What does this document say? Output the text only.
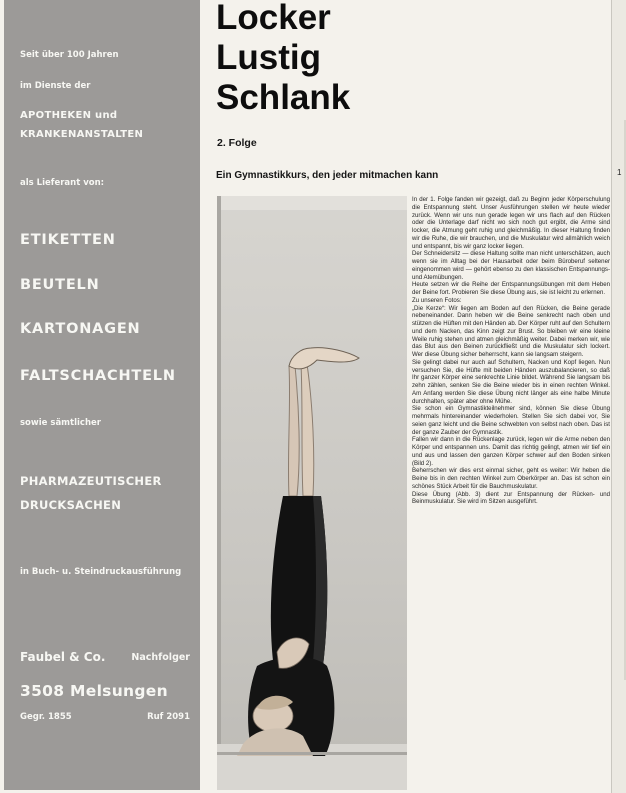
Seit über 100 Jahren
im Dienste der
APOTHEKEN und
KRANKENANSTALTEN
als Lieferant von:
ETIKETTEN
BEUTELN
KARTONAGEN
FALTSCHACHTELN
sowie sämtlicher
PHARMAZEUTISCHER
DRUCKSACHEN
in Buch- u. Steindruckausführung
Faubel & Co.	Nachfolger
3508 Melsungen
Gegr. 1855	Ruf 2091
Locker
Lustig
Schlank
2. Folge
Ein Gymnastikkurs, den jeder mitmachen kann

In der 1. Folge fanden wir gezeigt, daß zu Beginn jeder Körperschulung die Entspannung steht. Unser Ausführungen stellen wir heute wieder zurück. Wenn wir uns nun gerade legen wir uns flach auf den Rücken oder die Unterlage darf nicht wo sich noch gut ergibt, die Arme sind locker, die Atmung geht ruhig und gleichmäßig. In dieser Haltung finden wir die Ruhe, die wir brauchen, und die Muskulatur wird allmählich weich und entspannt, bis wir ganz locker liegen.

Der Schneidersitz — diese Haltung sollte man nicht unterschätzen, auch wenn sie im Alltag bei der Hausarbeit oder beim Büroberuf seltener eingenommen wird — gehört ebenso zu den klassischen Entspannungs- und Atemübungen.

Heute setzen wir die Reihe der Entspannungsübungen mit dem Heben der Beine fort. Probieren Sie diese Übung aus, sie ist leicht zu erlernen.

Zu unseren Fotos:

„Die Kerze“: Wir liegen am Boden auf den Rücken, die Beine gerade nebeneinander. Dann heben wir die Beine senkrecht nach oben und stützen die Hüften mit den Händen ab. Der Körper ruht auf den Schultern und dem Nacken, das Kinn zeigt zur Brust. So bleiben wir eine kleine Weile ruhig stehen und atmen gleichmäßig weiter. Dabei merken wir, wie das Blut aus den Beinen zurückfließt und die Muskulatur sich lockert. Wer diese Übung sicher beherrscht, kann sie langsam steigern.

Sie gelingt dabei nur auch auf Schultern, Nacken und Kopf liegen. Nun versuchen Sie, die Hüfte mit beiden Händen auszubalancieren, so daß Ihr ganzer Körper eine senkrechte Linie bildet. Während Sie langsam bis zehn zählen, senken Sie die Beine wieder bis in einen rechten Winkel. Am Anfang werden Sie diese Übung nicht länger als eine halbe Minute durchhalten, später aber ohne Mühe.

Sie schon ein Gymnastikteilnehmer sind, können Sie diese Übung mehrmals hintereinander wiederholen. Stellen Sie sich dabei vor, Sie seien ganz leicht und die Beine schwebten von selbst nach oben. Das ist der ganze Zauber der Gymnastik.

Fallen wir dann in die Rückenlage zurück, legen wir die Arme neben den Körper und entspannen uns. Damit das richtig gelingt, atmen wir tief ein und aus und lassen den ganzen Körper schwer auf den Boden sinken (Bild 2).

Beherrschen wir dies erst einmal sicher, geht es weiter: Wir heben die Beine bis in den rechten Winkel zum Oberkörper an. Das ist schon ein schönes Stück Arbeit für die Bauchmuskulatur.

Diese Übung (Abb. 3) dient zur Entspannung der Rücken- und Beinmuskulatur. Sie wird im Sitzen ausgeführt.

1
